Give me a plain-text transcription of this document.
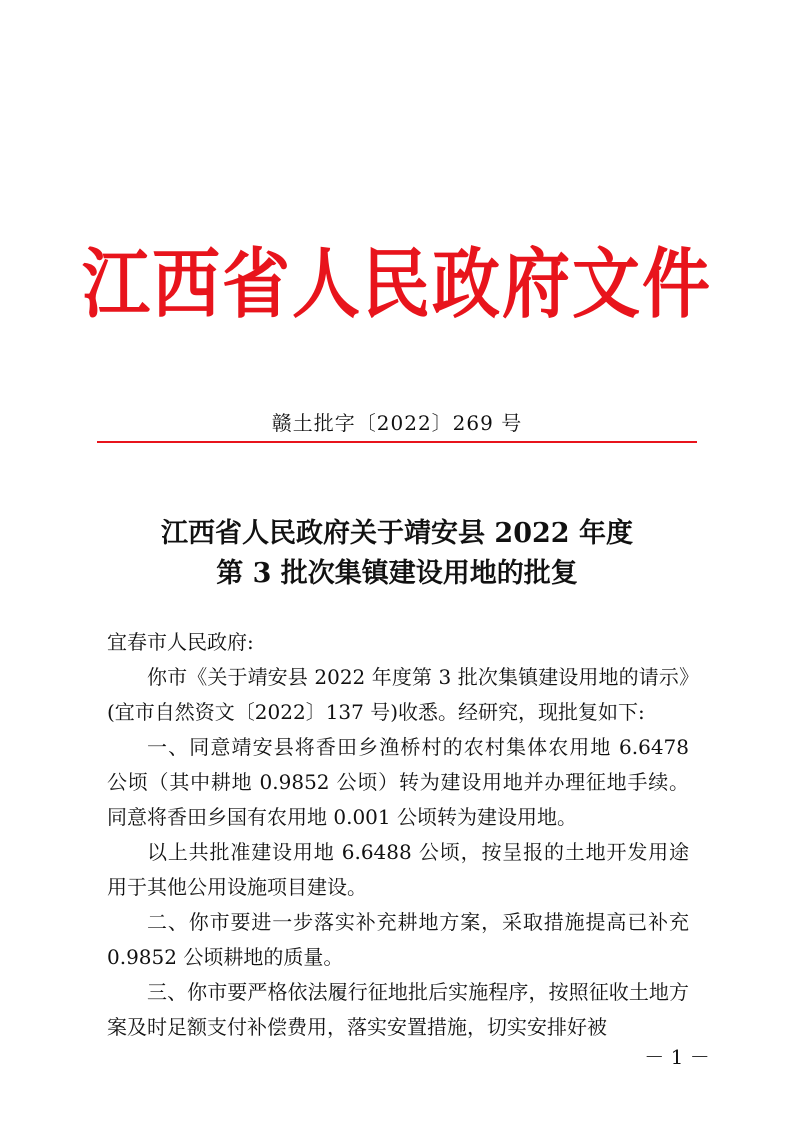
江西省人民政府文件
赣土批字〔2022〕269 号
江西省人民政府关于靖安县 2022 年度
第 3 批次集镇建设用地的批复

宜春市人民政府:

你市《关于靖安县 2022 年度第 3 批次集镇建设用地的请示》(宜市自然资文〔2022〕137 号)收悉。经研究，现批复如下:

一、同意靖安县将香田乡渔桥村的农村集体农用地 6.6478 公顷（其中耕地 0.9852 公顷）转为建设用地并办理征地手续。同意将香田乡国有农用地 0.001 公顷转为建设用地。

以上共批准建设用地 6.6488 公顷，按呈报的土地开发用途用于其他公用设施项目建设。

二、你市要进一步落实补充耕地方案，采取措施提高已补充 0.9852 公顷耕地的质量。

三、你市要严格依法履行征地批后实施程序，按照征收土地方案及时足额支付补偿费用，落实安置措施，切实安排好被

－ 1 －
